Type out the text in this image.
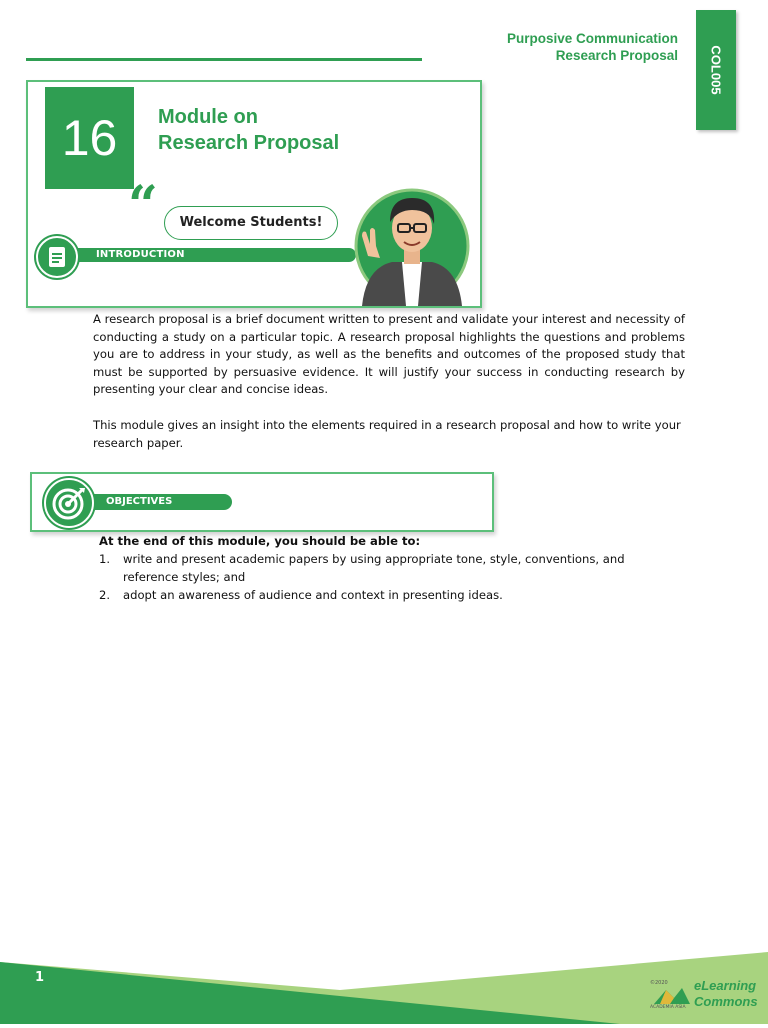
Purposive Communication
Research Proposal COL005
16	Module on
Research Proposal
“	Welcome Students!
INTRODUCTION
A research proposal is a brief document written to present and validate your interest and necessity of conducting a study on a particular topic. A research proposal highlights the questions and problems you are to address in your study, as well as the benefits and outcomes of the proposed study that must be supported by persuasive evidence. It will justify your success in conducting research by presenting your clear and concise ideas.
This module gives an insight into the elements required in a research proposal and how to write your research paper.
OBJECTIVES
At the end of this module, you should be able to:
1. write and present academic papers by using appropriate tone, style, conventions, and reference styles; and
2. adopt an awareness of audience and context in presenting ideas.
1	©2020
ACADEMIA ASIA
eLearning
Commons
